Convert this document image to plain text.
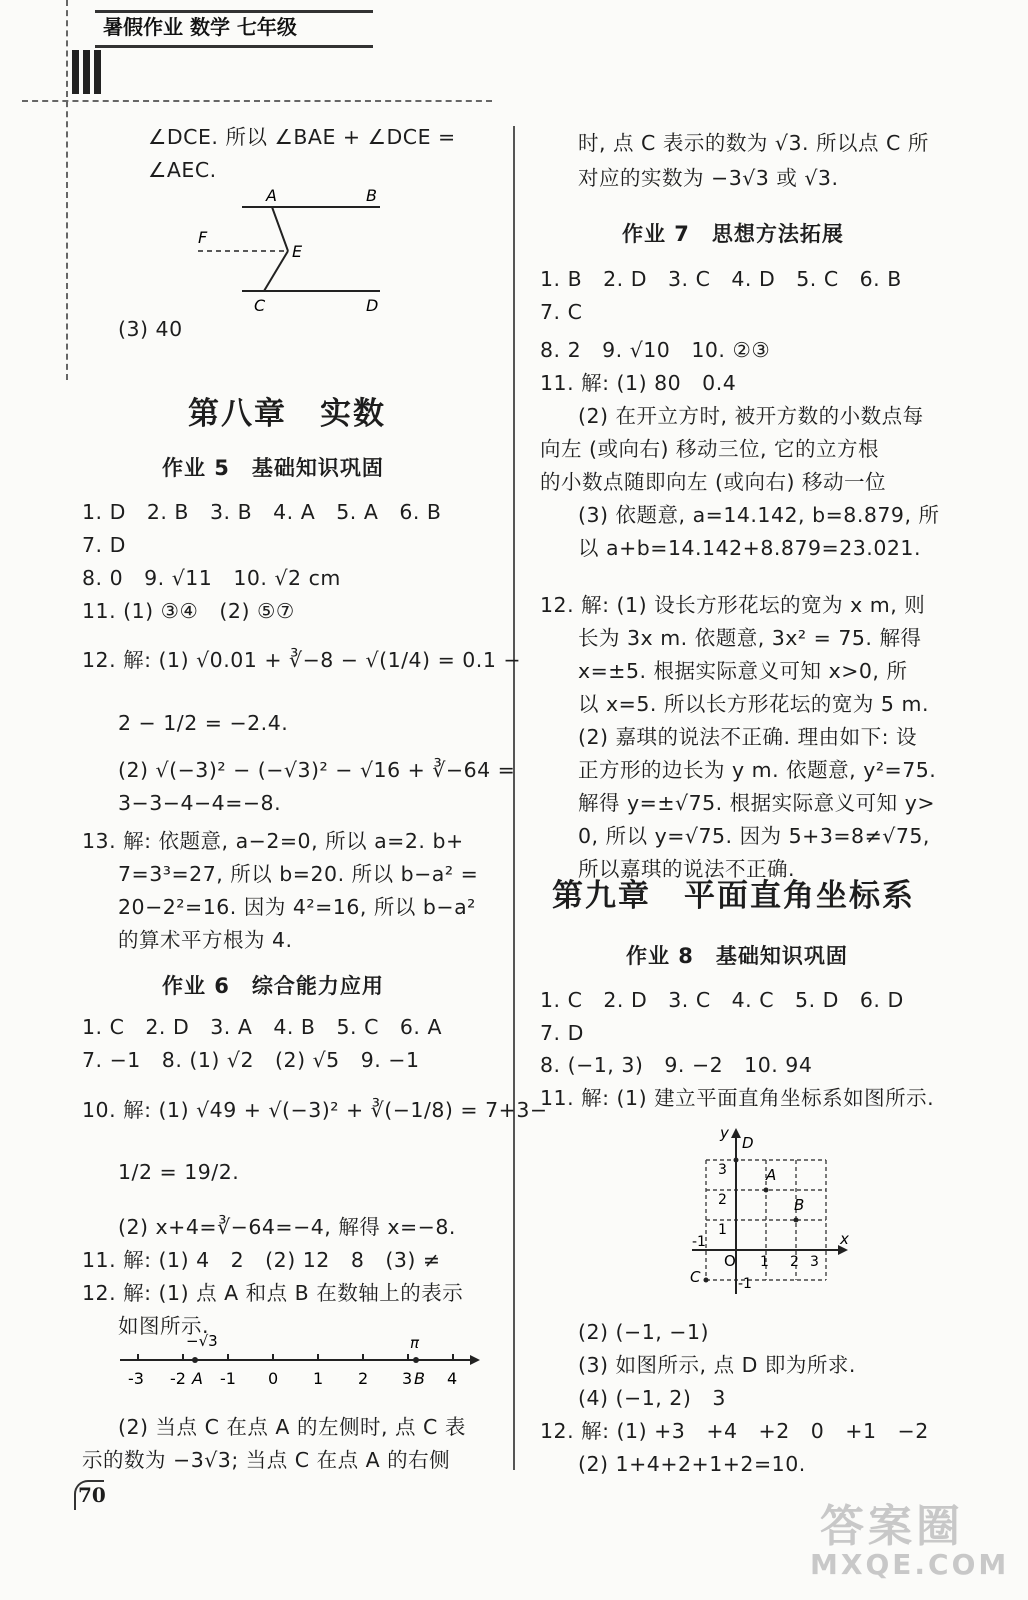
暑假作业 数学 七年级
∠DCE. 所以 ∠BAE + ∠DCE =
∠AEC.
A	B
E
F
C	D
(3) 40
第八章　实数
作业 5　基础知识巩固
1. D　2. B　3. B　4. A　5. A　6. B
7. D
8. 0　9. √11　10. √2 cm
11. (1) ③④　(2) ⑤⑦
12. 解: (1) √0.01 + ∛−8 − √(1/4) = 0.1 −
2 − 1/2 = −2.4.
(2) √(−3)² − (−√3)² − √16 + ∛−64 =
3−3−4−4=−8.
13. 解: 依题意, a−2=0, 所以 a=2. b+
7=3³=27, 所以 b=20. 所以 b−a² =
20−2²=16. 因为 4²=16, 所以 b−a²
的算术平方根为 4.
作业 6　综合能力应用
1. C　2. D　3. A　4. B　5. C　6. A
7. −1　8. (1) √2　(2) √5　9. −1
10. 解: (1) √49 + √(−3)² + ∛(−1/8) = 7+3−
1/2 = 19/2.
(2) x+4=∛−64=−4, 解得 x=−8.
11. 解: (1) 4　2　(2) 12　8　(3) ≠
12. 解: (1) 点 A 和点 B 在数轴上的表示
如图所示.
−√3	π
-3 -2 A -1 0 1 2 3 B 4
(2) 当点 C 在点 A 的左侧时, 点 C 表
示的数为 −3√3; 当点 C 在点 A 的右侧
70
时, 点 C 表示的数为 √3. 所以点 C 所
对应的实数为 −3√3 或 √3.
作业 7　思想方法拓展
1. B　2. D　3. C　4. D　5. C　6. B
7. C
8. 2　9. √10　10. ②③
11. 解: (1) 80　0.4
(2) 在开立方时, 被开方数的小数点每
向左 (或向右) 移动三位, 它的立方根
的小数点随即向左 (或向右) 移动一位
(3) 依题意, a=14.142, b=8.879, 所
以 a+b=14.142+8.879=23.021.
12. 解: (1) 设长方形花坛的宽为 x m, 则
长为 3x m. 依题意, 3x² = 75. 解得
x=±5. 根据实际意义可知 x>0, 所
以 x=5. 所以长方形花坛的宽为 5 m.
(2) 嘉琪的说法不正确. 理由如下: 设
正方形的边长为 y m. 依题意, y²=75.
解得 y=±√75. 根据实际意义可知 y>
0, 所以 y=√75. 因为 5+3=8≠√75,
所以嘉琪的说法不正确.
第九章　平面直角坐标系
作业 8　基础知识巩固
1. C　2. D　3. C　4. C　5. D　6. D
7. D
8. (−1, 3)　9. −2　10. 94
11. 解: (1) 建立平面直角坐标系如图所示.
x
y
O
-1
1 2 3
3
2
1
-1
A
B
C
D
(2) (−1, −1)
(3) 如图所示, 点 D 即为所求.
(4) (−1, 2)　3
12. 解: (1) +3　+4　+2　0　+1　−2
(2) 1+4+2+1+2=10.
答案圈
MXQE.COM
